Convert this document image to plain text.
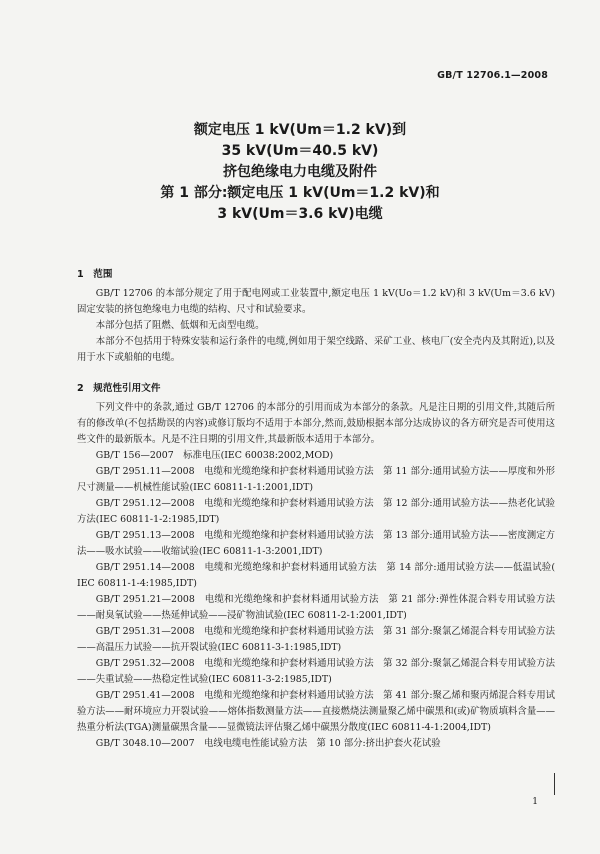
GB/T 12706.1—2008
额定电压 1 kV(Um＝1.2 kV)到
35 kV(Um＝40.5 kV)
挤包绝缘电力电缆及附件
第 1 部分:额定电压 1 kV(Um＝1.2 kV)和
3 kV(Um＝3.6 kV)电缆
1　范围

GB/T 12706 的本部分规定了用于配电网或工业装置中,额定电压 1 kV(Uo＝1.2 kV)和 3 kV(Um＝3.6 kV)固定安装的挤包绝缘电力电缆的结构、尺寸和试验要求。

本部分包括了阻燃、低烟和无卤型电缆。

本部分不包括用于特殊安装和运行条件的电缆,例如用于架空线路、采矿工业、核电厂(安全壳内及其附近),以及用于水下或船舶的电缆。

2　规范性引用文件

下列文件中的条款,通过 GB/T 12706 的本部分的引用而成为本部分的条款。凡是注日期的引用文件,其随后所有的修改单(不包括勘误的内容)或修订版均不适用于本部分,然而,鼓励根据本部分达成协议的各方研究是否可使用这些文件的最新版本。凡是不注日期的引用文件,其最新版本适用于本部分。

GB/T 156—2007　标准电压(IEC 60038:2002,MOD)

GB/T 2951.11—2008　电缆和光缆绝缘和护套材料通用试验方法　第 11 部分:通用试验方法——厚度和外形尺寸测量——机械性能试验(IEC 60811-1-1:2001,IDT)

GB/T 2951.12—2008　电缆和光缆绝缘和护套材料通用试验方法　第 12 部分:通用试验方法——热老化试验方法(IEC 60811-1-2:1985,IDT)

GB/T 2951.13—2008　电缆和光缆绝缘和护套材料通用试验方法　第 13 部分:通用试验方法——密度测定方法——吸水试验——收缩试验(IEC 60811-1-3:2001,IDT)

GB/T 2951.14—2008　电缆和光缆绝缘和护套材料通用试验方法　第 14 部分:通用试验方法——低温试验( IEC 60811-1-4:1985,IDT)

GB/T 2951.21—2008　电缆和光缆绝缘和护套材料通用试验方法　第 21 部分:弹性体混合料专用试验方法——耐臭氧试验——热延伸试验——浸矿物油试验(IEC 60811-2-1:2001,IDT)

GB/T 2951.31—2008　电缆和光缆绝缘和护套材料通用试验方法　第 31 部分:聚氯乙烯混合料专用试验方法——高温压力试验——抗开裂试验(IEC 60811-3-1:1985,IDT)

GB/T 2951.32—2008　电缆和光缆绝缘和护套材料通用试验方法　第 32 部分:聚氯乙烯混合料专用试验方法——失重试验——热稳定性试验(IEC 60811-3-2:1985,IDT)

GB/T 2951.41—2008　电缆和光缆绝缘和护套材料通用试验方法　第 41 部分:聚乙烯和聚丙烯混合料专用试验方法——耐环境应力开裂试验——熔体指数测量方法——直接燃烧法测量聚乙烯中碳黑和(或)矿物质填料含量——热重分析法(TGA)测量碳黑含量——显微镜法评估聚乙烯中碳黑分散度(IEC 60811-4-1:2004,IDT)

GB/T 3048.10—2007　电线电缆电性能试验方法　第 10 部分:挤出护套火花试验

1
